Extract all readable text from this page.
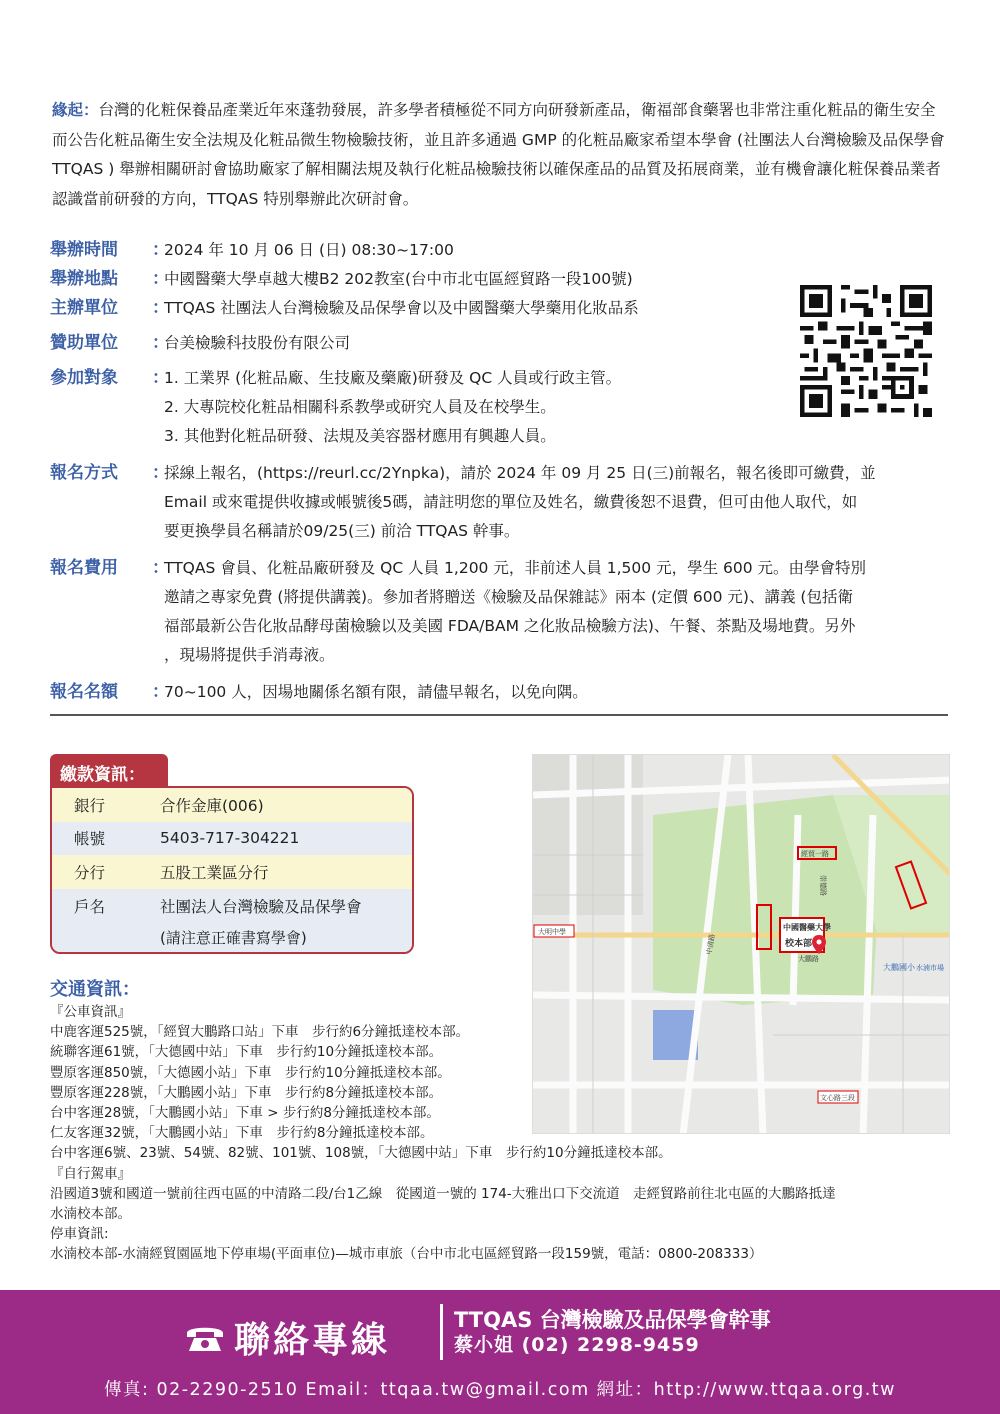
緣起：台灣的化粧保養品產業近年來蓬勃發展，許多學者積極從不同方向研發新產品，衛福部食藥署也非常注重化粧品的衛生安全而公告化粧品衛生安全法規及化粧品微生物檢驗技術，並且許多通過 GMP 的化粧品廠家希望本學會 (社團法人台灣檢驗及品保學會 TTQAS ) 舉辦相關研討會協助廠家了解相關法規及執行化粧品檢驗技術以確保產品的品質及拓展商業，並有機會讓化粧保養品業者認識當前研發的方向，TTQAS 特別舉辦此次研討會。
舉辦時間	：
2024 年 10 月 06 日 (日) 08:30~17:00
舉辦地點	：
中國醫藥大學卓越大樓B2 202教室(台中市北屯區經貿路一段100號)
主辦單位	：
TTQAS 社團法人台灣檢驗及品保學會以及中國醫藥大學藥用化妝品系
贊助單位	：
台美檢驗科技股份有限公司
參加對象	：
1. 工業界 (化粧品廠、生技廠及藥廠)研發及 QC 人員或行政主管。
2. 大專院校化粧品相關科系教學或研究人員及在校學生。
3. 其他對化粧品研發、法規及美容器材應用有興趣人員。
報名方式	：
採線上報名，(https://reurl.cc/2Ynpka)，請於 2024 年 09 月 25 日(三)前報名，報名後即可繳費，並
Email 或來電提供收據或帳號後5碼，請註明您的單位及姓名，繳費後恕不退費，但可由他人取代，如
要更換學員名稱請於09/25(三) 前洽 TTQAS 幹事。
報名費用	：
TTQAS 會員、化粧品廠研發及 QC 人員 1,200 元，非前述人員 1,500 元，學生 600 元。由學會特別
邀請之專家免費 (將提供講義)。參加者將贈送《檢驗及品保雜誌》兩本 (定價 600 元)、講義 (包括衛
福部最新公告化妝品酵母菌檢驗以及美國 FDA/BAM 之化妝品檢驗方法)、午餐、茶點及場地費。另外
，現場將提供手消毒液。
報名名額	：
70~100 人，因場地關係名額有限，請儘早報名，以免向隅。
繳款資訊：
銀行	合作金庫(006)
帳號	5403-717-304221
分行	五股工業區分行
戶名	社團法人台灣檢驗及品保學會
(請注意正確書寫學會)
中國醫藥大學
校本部
大鵬路
經貿一路
大明中學
大鵬國小 水湳市場
文心路三段
中清路
崇德路
交通資訊：
『公車資訊』
中鹿客運525號，「經貿大鵬路口站」下車　步行約6分鐘抵達校本部。
統聯客運61號，「大德國中站」下車　步行約10分鐘抵達校本部。
豐原客運850號，「大德國小站」下車　步行約10分鐘抵達校本部。
豐原客運228號，「大鵬國小站」下車　步行約8分鐘抵達校本部。
台中客運28號，「大鵬國小站」下車 > 步行約8分鐘抵達校本部。
仁友客運32號，「大鵬國小站」下車　步行約8分鐘抵達校本部。
台中客運6號、23號、54號、82號、101號、108號，「大德國中站」下車　步行約10分鐘抵達校本部。
『自行駕車』
沿國道3號和國道一號前往西屯區的中清路二段/台1乙線　從國道一號的 174-大雅出口下交流道　走經貿路前往北屯區的大鵬路抵達
水湳校本部。
停車資訊:
水湳校本部-水湳經貿園區地下停車場(平面車位)—城市車旅（台中市北屯區經貿路一段159號，電話：0800-208333）
聯絡專線	TTQAS 台灣檢驗及品保學會幹事
蔡小姐 (02) 2298-9459
傳真: 02-2290-2510 Email：ttqaa.tw@gmail.com 網址：http://www.ttqaa.org.tw
